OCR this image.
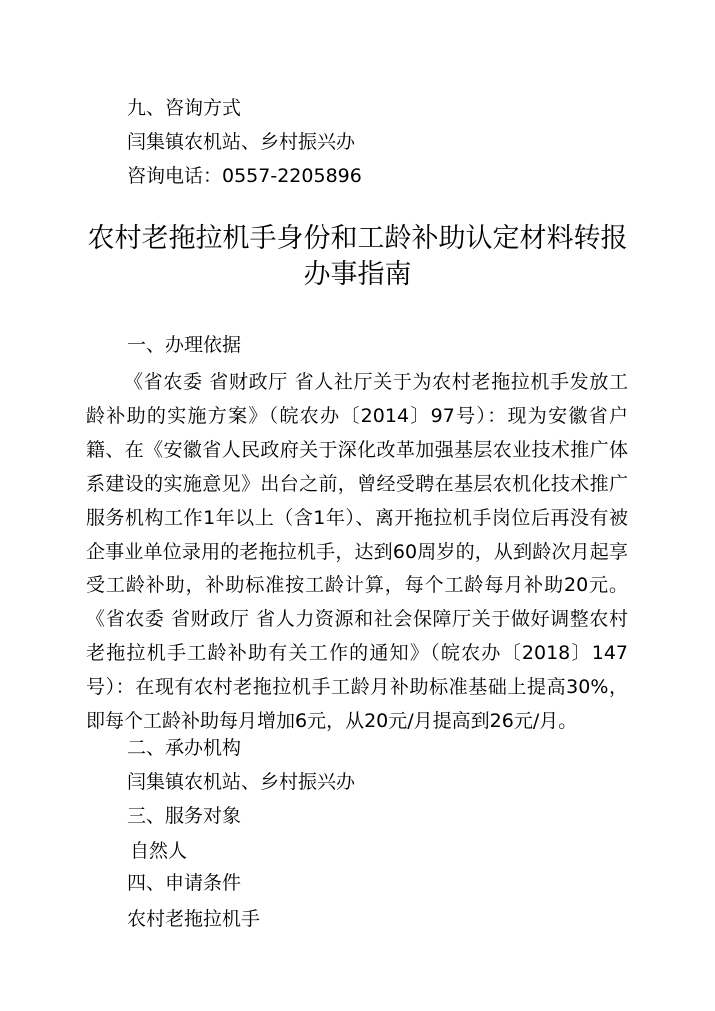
九、咨询方式
闫集镇农机站、乡村振兴办
咨询电话：0557-2205896
农村老拖拉机手身份和工龄补助认定材料转报
办事指南
一、办理依据
《省农委 省财政厅 省人社厅关于为农村老拖拉机手发放工龄补助的实施方案》（皖农办〔2014〕97号）：现为安徽省户籍、在《安徽省人民政府关于深化改革加强基层农业技术推广体系建设的实施意见》出台之前，曾经受聘在基层农机化技术推广服务机构工作1年以上（含1年）、离开拖拉机手岗位后再没有被企事业单位录用的老拖拉机手，达到60周岁的，从到龄次月起享受工龄补助，补助标准按工龄计算，每个工龄每月补助20元。《省农委 省财政厅 省人力资源和社会保障厅关于做好调整农村老拖拉机手工龄补助有关工作的通知》（皖农办〔2018〕147号）：在现有农村老拖拉机手工龄月补助标准基础上提高30%，即每个工龄补助每月增加6元，从20元/月提高到26元/月。
二、承办机构
闫集镇农机站、乡村振兴办
三、服务对象
自然人
四、申请条件
农村老拖拉机手
